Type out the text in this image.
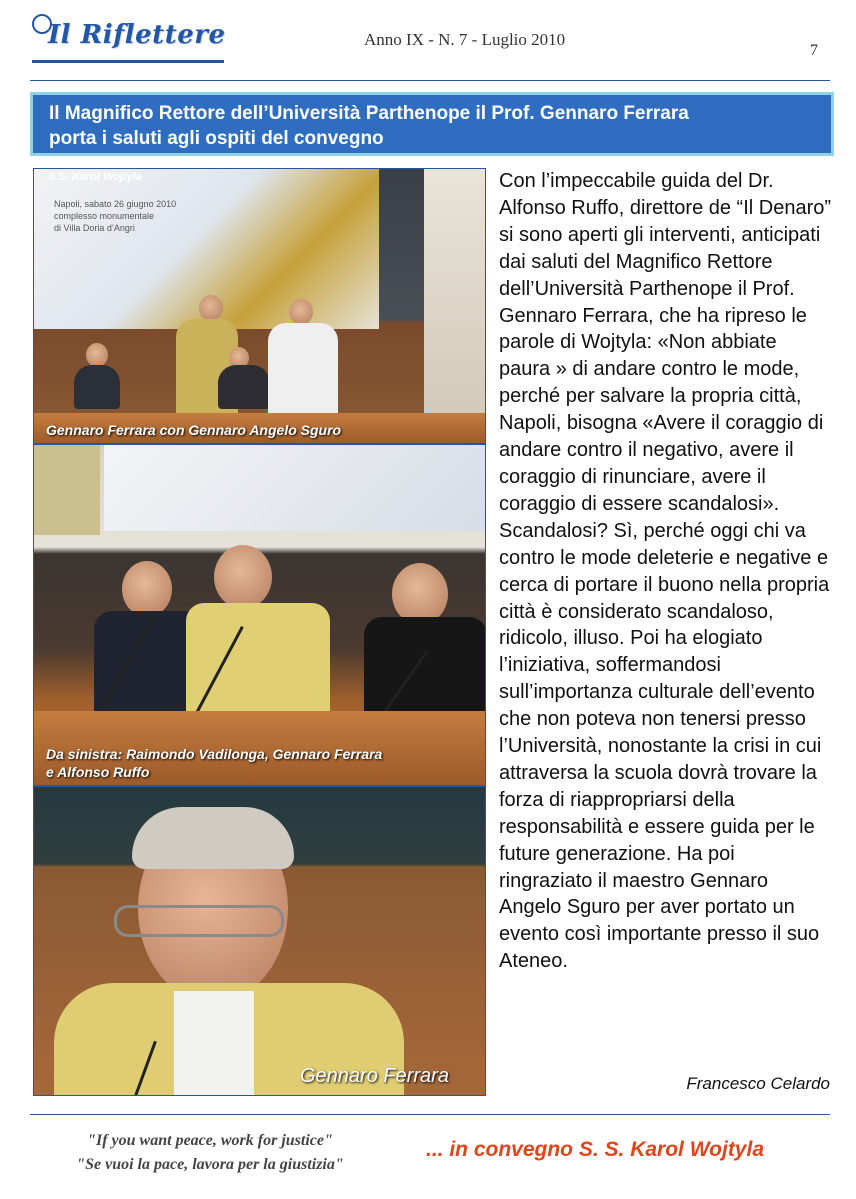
Il Riflettere	Anno IX - N. 7 - Luglio 2010
7
Il Magnifico Rettore dell’Università Parthenope il Prof. Gennaro Ferrara
porta i saluti agli ospiti del convegno
S.S. Karol Wojtyla
Napoli, sabato 26 giugno 2010
complesso monumentale
di Villa Doria d’Angri
Gennaro Ferrara con Gennaro Angelo Sguro
Da sinistra: Raimondo Vadilonga, Gennaro Ferrara
e Alfonso Ruffo
Gennaro Ferrara

Con l’impeccabile guida del Dr. Alfonso Ruffo, direttore de “Il Denaro” si sono aperti gli interventi, anticipati dai saluti del Magnifico Rettore dell’Università Parthenope il Prof. Gennaro Ferrara, che ha ripreso le parole di Wojtyla: «Non abbiate paura » di andare contro le mode, perché per salvare la propria città, Napoli, bisogna «Avere il coraggio di andare contro il negativo, avere il coraggio di rinunciare, avere il coraggio di essere scandalosi». Scandalosi? Sì, perché oggi chi va contro le mode deleterie e negative e cerca di portare il buono nella propria città è considerato scandaloso, ridicolo, illuso. Poi ha elogiato l’iniziativa, soffermandosi sull’importanza culturale dell’evento che non poteva non tenersi presso l’Università, nonostante la crisi in cui attraversa la scuola dovrà trovare la forza di riappropriarsi della responsabilità e essere guida per le future generazione. Ha poi ringraziato il maestro Gennaro Angelo Sguro per aver portato un evento così importante presso il suo Ateneo.

Francesco Celardo
"If you want peace, work for justice"
"Se vuoi la pace, lavora per la giustizia"
... in convegno S. S. Karol Wojtyla
